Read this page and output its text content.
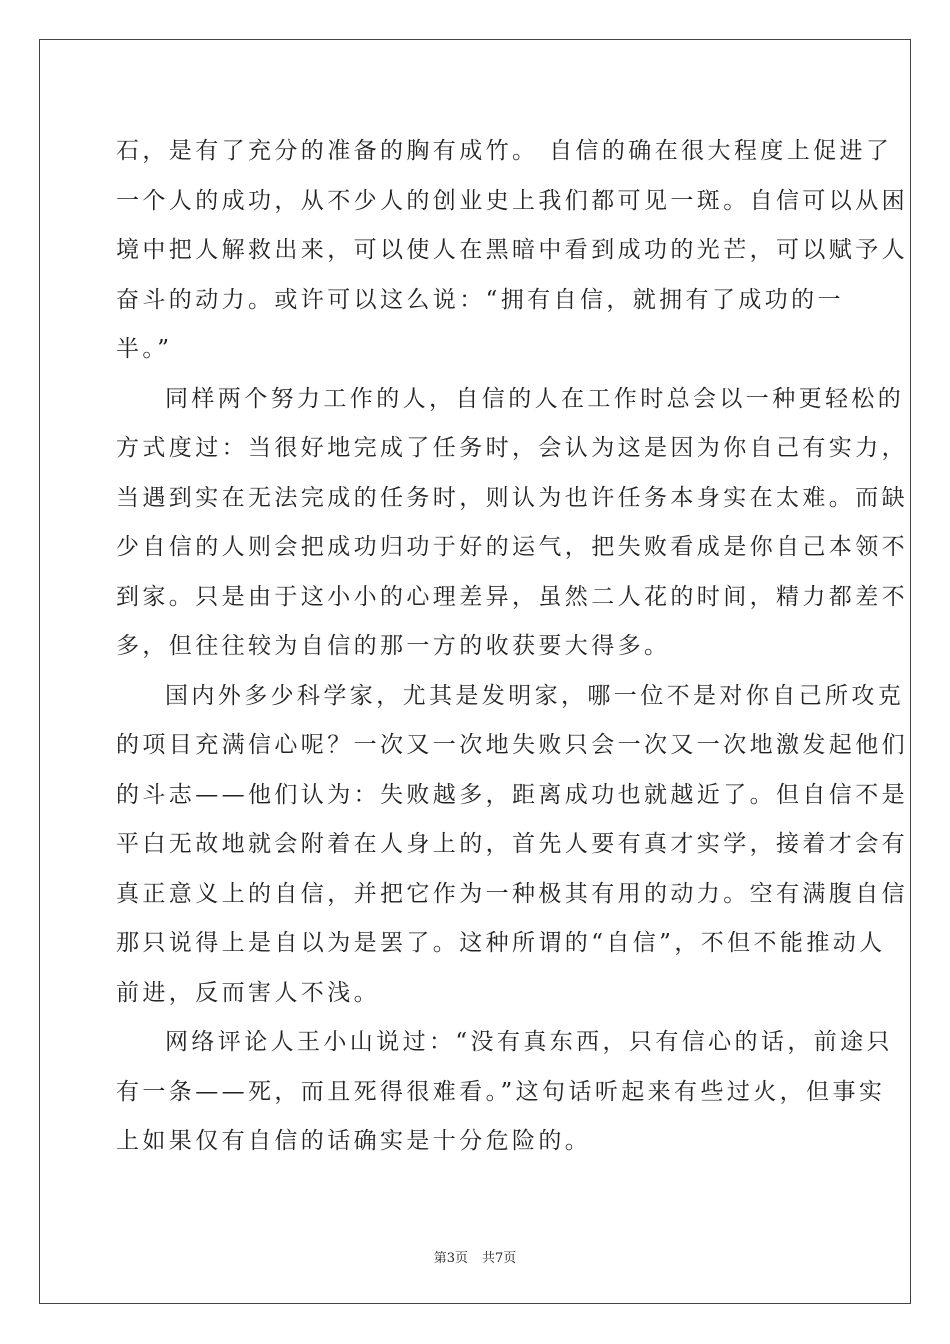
石，是有了充分的准备的胸有成竹。 自信的确在很大程度上促进了
一个人的成功，从不少人的创业史上我们都可见一斑。自信可以从困
境中把人解救出来，可以使人在黑暗中看到成功的光芒，可以赋予人
奋斗的动力。或许可以这么说：“拥有自信，就拥有了成功的一
半。”
同样两个努力工作的人，自信的人在工作时总会以一种更轻松的
方式度过：当很好地完成了任务时，会认为这是因为你自己有实力，
当遇到实在无法完成的任务时，则认为也许任务本身实在太难。而缺
少自信的人则会把成功归功于好的运气，把失败看成是你自己本领不
到家。只是由于这小小的心理差异，虽然二人花的时间，精力都差不
多，但往往较为自信的那一方的收获要大得多。
国内外多少科学家，尤其是发明家，哪一位不是对你自己所攻克
的项目充满信心呢？一次又一次地失败只会一次又一次地激发起他们
的斗志——他们认为：失败越多，距离成功也就越近了。但自信不是
平白无故地就会附着在人身上的，首先人要有真才实学，接着才会有
真正意义上的自信，并把它作为一种极其有用的动力。空有满腹自信
那只说得上是自以为是罢了。这种所谓的“自信”，不但不能推动人
前进，反而害人不浅。
网络评论人王小山说过：“没有真东西，只有信心的话，前途只
有一条——死，而且死得很难看。”这句话听起来有些过火，但事实
上如果仅有自信的话确实是十分危险的。
第3页 共7页
